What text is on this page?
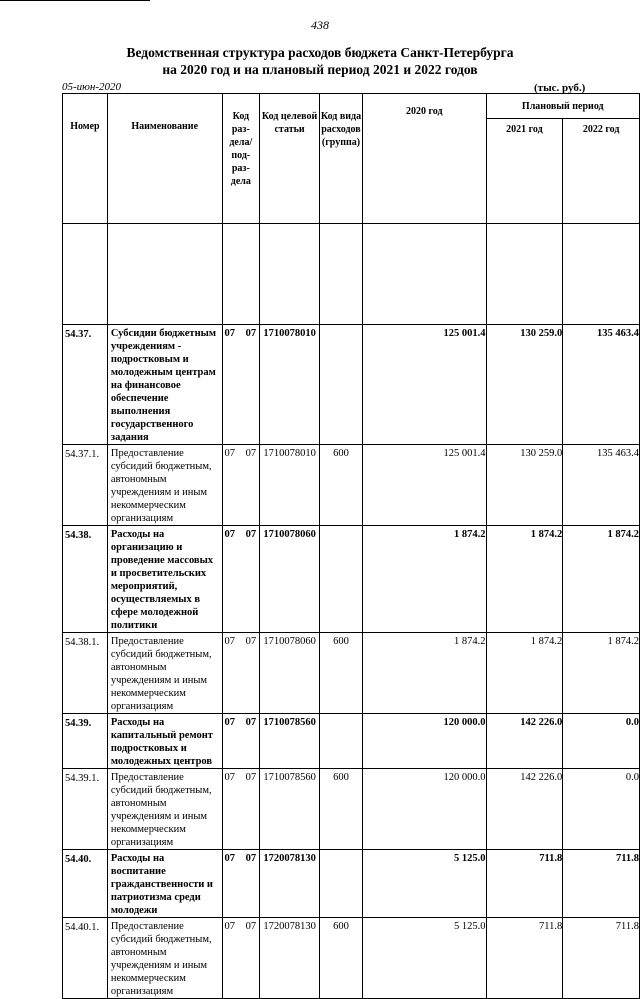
438
Ведомственная структура расходов бюджета Санкт-Петербурга
на 2020 год и на плановый период 2021 и 2022 годов
05-июн-2020	(тыс. руб.)
Номер	Наименование	Код раз-дела/ под-раз-дела	Код целевой статьи	Код вида расходов (группа)	2020 год	Плановый период	
						2021 год	2022 год

54.37.	Субсидии бюджетным учреждениям - подростковым и молодежным центрам на финансовое обеспечение выполнения государственного задания	07 07	1710078010		125 001.4	130 259.0	135 463.4
54.37.1.	Предоставление субсидий бюджетным, автономным учреждениям и иным некоммерческим организациям	07 07	1710078010	600	125 001.4	130 259.0	135 463.4
54.38.	Расходы на организацию и проведение массовых и просветительских мероприятий, осуществляемых в сфере молодежной политики	07 07	1710078060		1 874.2	1 874.2	1 874.2
54.38.1.	Предоставление субсидий бюджетным, автономным учреждениям и иным некоммерческим организациям	07 07	1710078060	600	1 874.2	1 874.2	1 874.2
54.39.	Расходы на капитальный ремонт подростковых и молодежных центров	07 07	1710078560		120 000.0	142 226.0	0.0
54.39.1.	Предоставление субсидий бюджетным, автономным учреждениям и иным некоммерческим организациям	07 07	1710078560	600	120 000.0	142 226.0	0.0
54.40.	Расходы на воспитание гражданственности и патриотизма среди молодежи	07 07	1720078130		5 125.0	711.8	711.8
54.40.1.	Предоставление субсидий бюджетным, автономным учреждениям и иным некоммерческим организациям	07 07	1720078130	600	5 125.0	711.8	711.8
